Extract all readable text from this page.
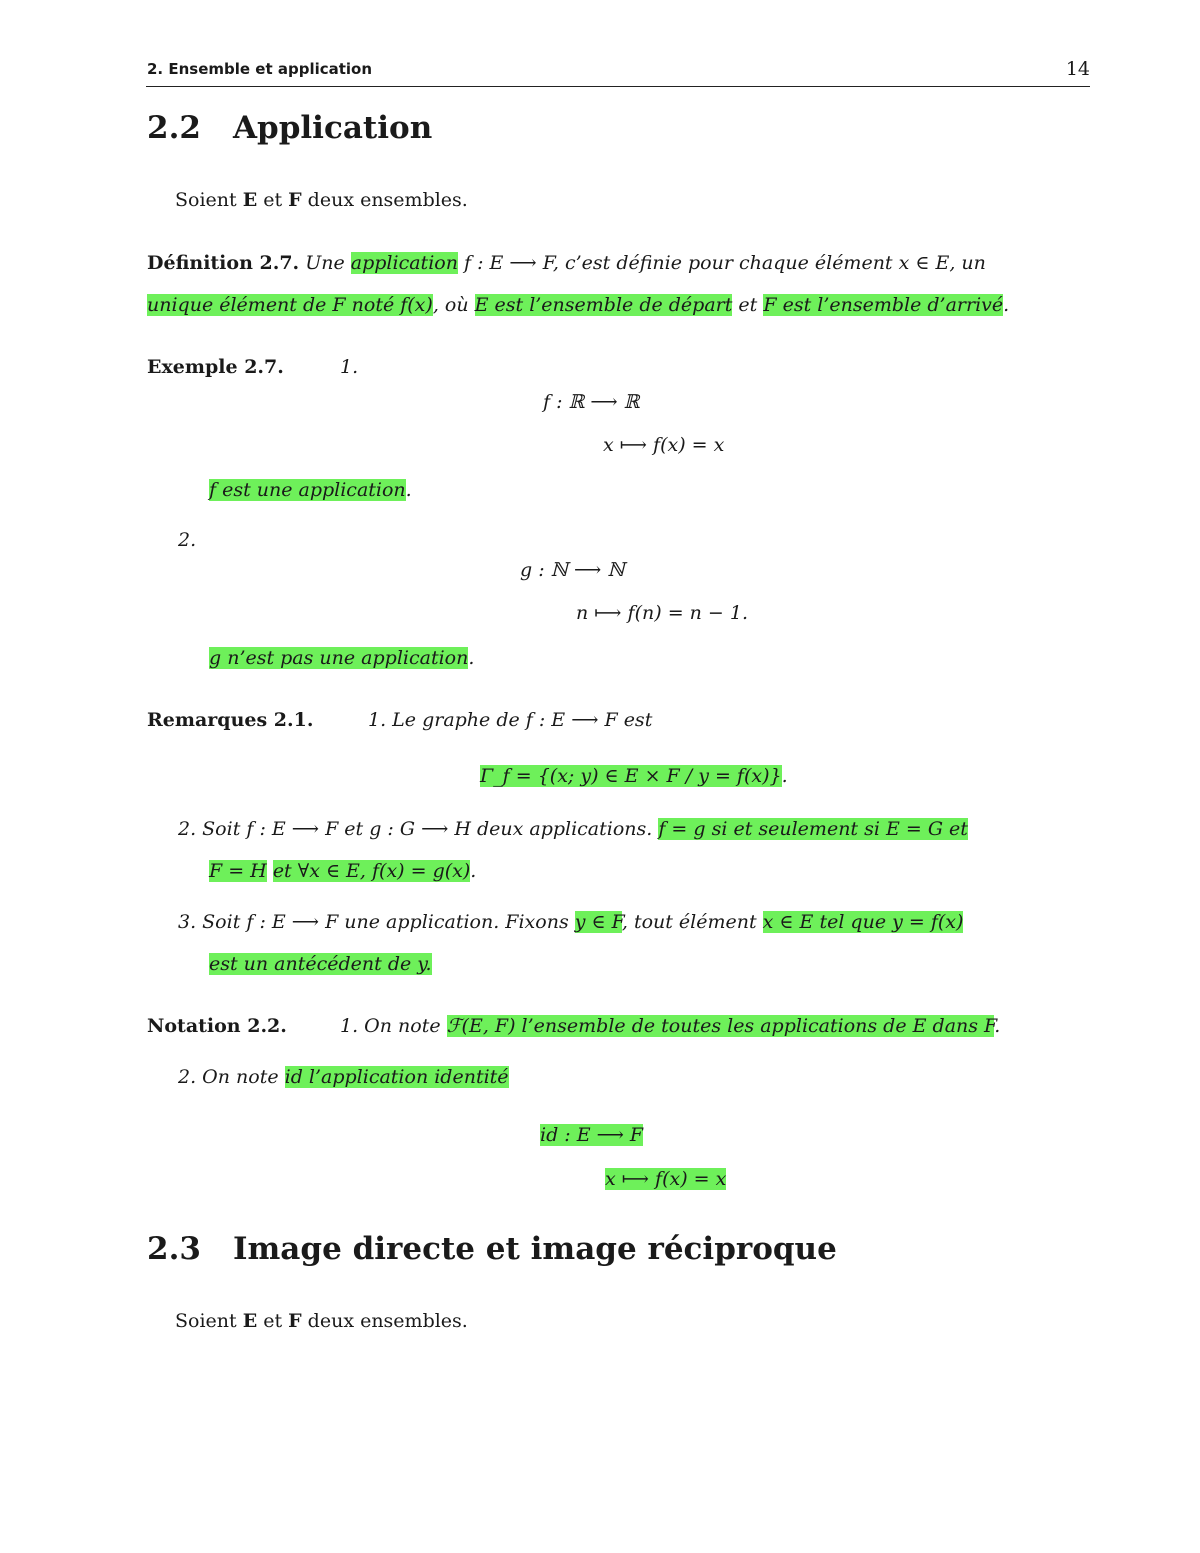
2. Ensemble et application	14
2.2 Application
Soient E et F deux ensembles.
Définition 2.7. Une application f : E ⟶ F, c’est définie pour chaque élément x ∈ E, un
unique élément de F noté f(x), où E est l’ensemble de départ et F est l’ensemble d’arrivé.
Exemple 2.7.	1.
f : ℝ ⟶ ℝ
x ⟼ f(x) = x
f est une application.
2.
g : ℕ ⟶ ℕ
n ⟼ f(n) = n − 1.
g n’est pas une application.
Remarques 2.1.	1. Le graphe de f : E ⟶ F est
Γ_f = {(x; y) ∈ E × F / y = f(x)}.
2. Soit f : E ⟶ F et g : G ⟶ H deux applications. f = g si et seulement si E = G et
F = H et ∀x ∈ E, f(x) = g(x).
3. Soit f : E ⟶ F une application. Fixons y ∈ F, tout élément x ∈ E tel que y = f(x)
est un antécédent de y.
Notation 2.2.	1. On note ℱ(E, F) l’ensemble de toutes les applications de E dans F.
2. On note id l’application identité
id : E ⟶ F
x ⟼ f(x) = x
2.3 Image directe et image réciproque
Soient E et F deux ensembles.
